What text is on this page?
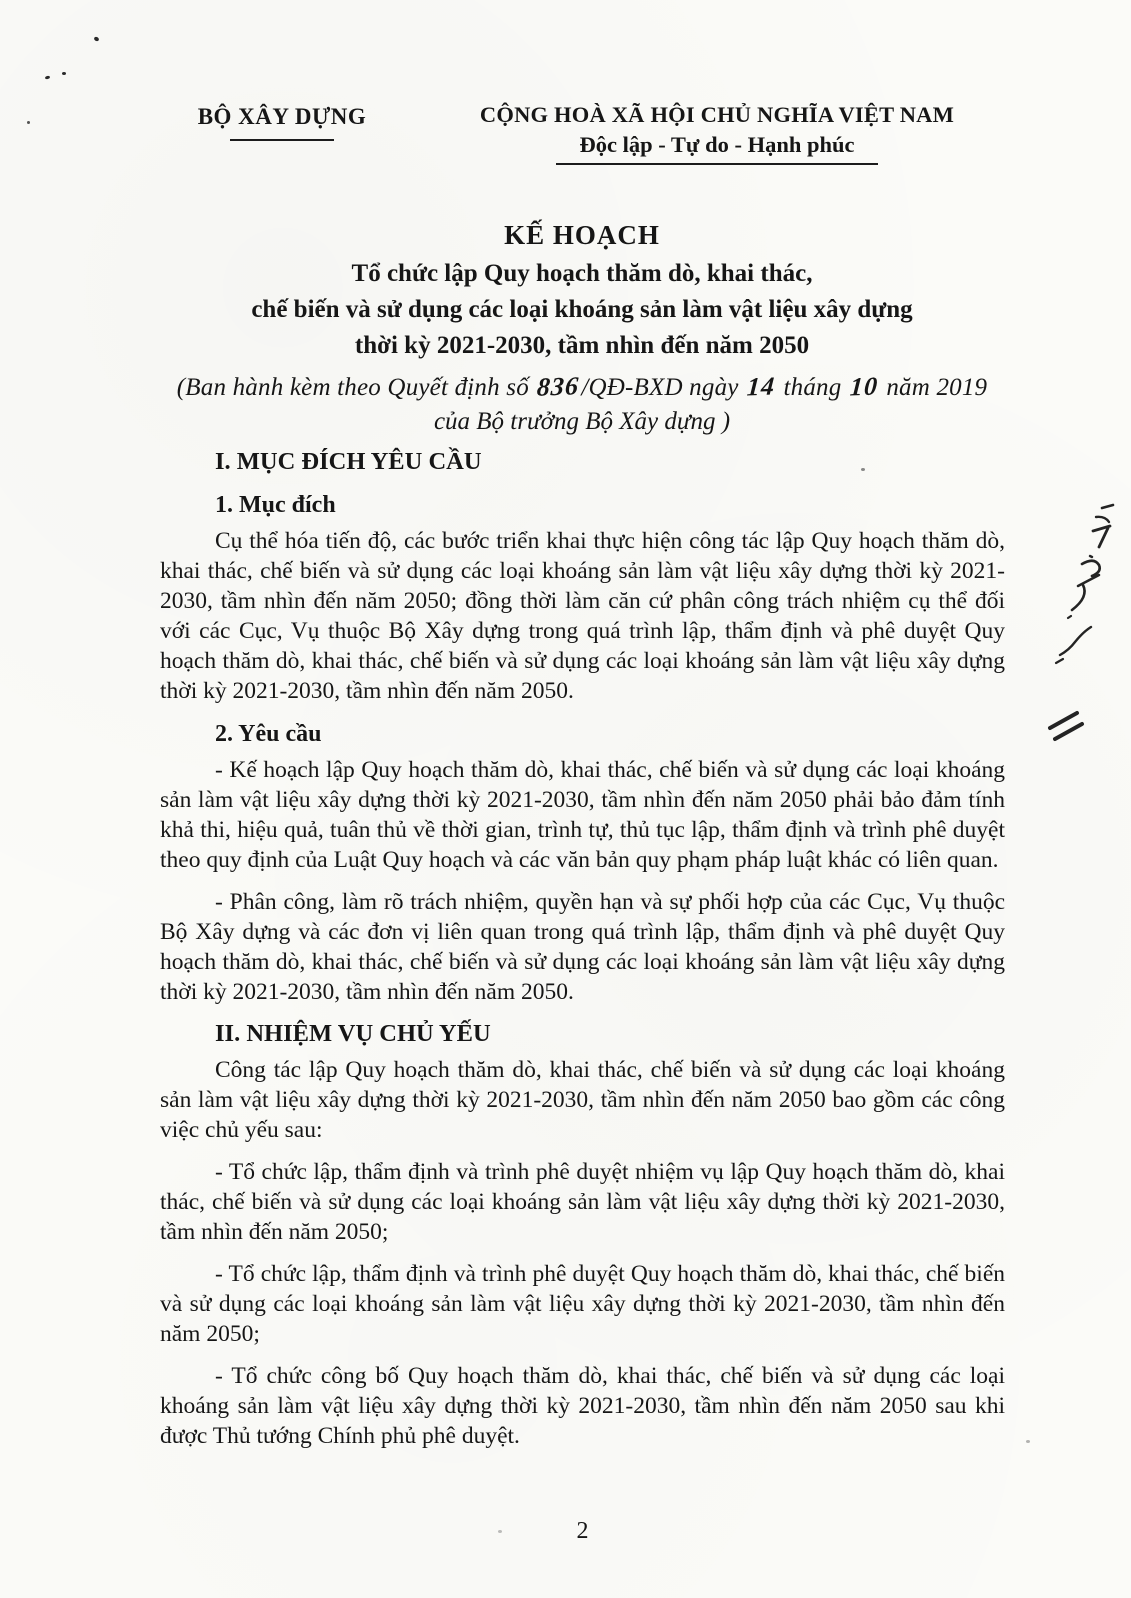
BỘ XÂY DỰNG	CỘNG HOÀ XÃ HỘI CHỦ NGHĨA VIỆT NAM
Độc lập - Tự do - Hạnh phúc
KẾ HOẠCH
Tổ chức lập Quy hoạch thăm dò, khai thác,
chế biến và sử dụng các loại khoáng sản làm vật liệu xây dựng
thời kỳ 2021-2030, tầm nhìn đến năm 2050
(Ban hành kèm theo Quyết định số 836/QĐ-BXD ngày 14 tháng 10 năm 2019
của Bộ trưởng Bộ Xây dựng )
I. MỤC ĐÍCH YÊU CẦU
1. Mục đích

Cụ thể hóa tiến độ, các bước triển khai thực hiện công tác lập Quy hoạch thăm dò, khai thác, chế biến và sử dụng các loại khoáng sản làm vật liệu xây dựng thời kỳ 2021-2030, tầm nhìn đến năm 2050; đồng thời làm căn cứ phân công trách nhiệm cụ thể đối với các Cục, Vụ thuộc Bộ Xây dựng trong quá trình lập, thẩm định và phê duyệt Quy hoạch thăm dò, khai thác, chế biến và sử dụng các loại khoáng sản làm vật liệu xây dựng thời kỳ 2021-2030, tầm nhìn đến năm 2050.

2. Yêu cầu

- Kế hoạch lập Quy hoạch thăm dò, khai thác, chế biến và sử dụng các loại khoáng sản làm vật liệu xây dựng thời kỳ 2021-2030, tầm nhìn đến năm 2050 phải bảo đảm tính khả thi, hiệu quả, tuân thủ về thời gian, trình tự, thủ tục lập, thẩm định và trình phê duyệt theo quy định của Luật Quy hoạch và các văn bản quy phạm pháp luật khác có liên quan.

- Phân công, làm rõ trách nhiệm, quyền hạn và sự phối hợp của các Cục, Vụ thuộc Bộ Xây dựng và các đơn vị liên quan trong quá trình lập, thẩm định và phê duyệt Quy hoạch thăm dò, khai thác, chế biến và sử dụng các loại khoáng sản làm vật liệu xây dựng thời kỳ 2021-2030, tầm nhìn đến năm 2050.

II. NHIỆM VỤ CHỦ YẾU

Công tác lập Quy hoạch thăm dò, khai thác, chế biến và sử dụng các loại khoáng sản làm vật liệu xây dựng thời kỳ 2021-2030, tầm nhìn đến năm 2050 bao gồm các công việc chủ yếu sau:

- Tổ chức lập, thẩm định và trình phê duyệt nhiệm vụ lập Quy hoạch thăm dò, khai thác, chế biến và sử dụng các loại khoáng sản làm vật liệu xây dựng thời kỳ 2021-2030, tầm nhìn đến năm 2050;

- Tổ chức lập, thẩm định và trình phê duyệt Quy hoạch thăm dò, khai thác, chế biến và sử dụng các loại khoáng sản làm vật liệu xây dựng thời kỳ 2021-2030, tầm nhìn đến năm 2050;

- Tổ chức công bố Quy hoạch thăm dò, khai thác, chế biến và sử dụng các loại khoáng sản làm vật liệu xây dựng thời kỳ 2021-2030, tầm nhìn đến năm 2050 sau khi được Thủ tướng Chính phủ phê duyệt.

2
